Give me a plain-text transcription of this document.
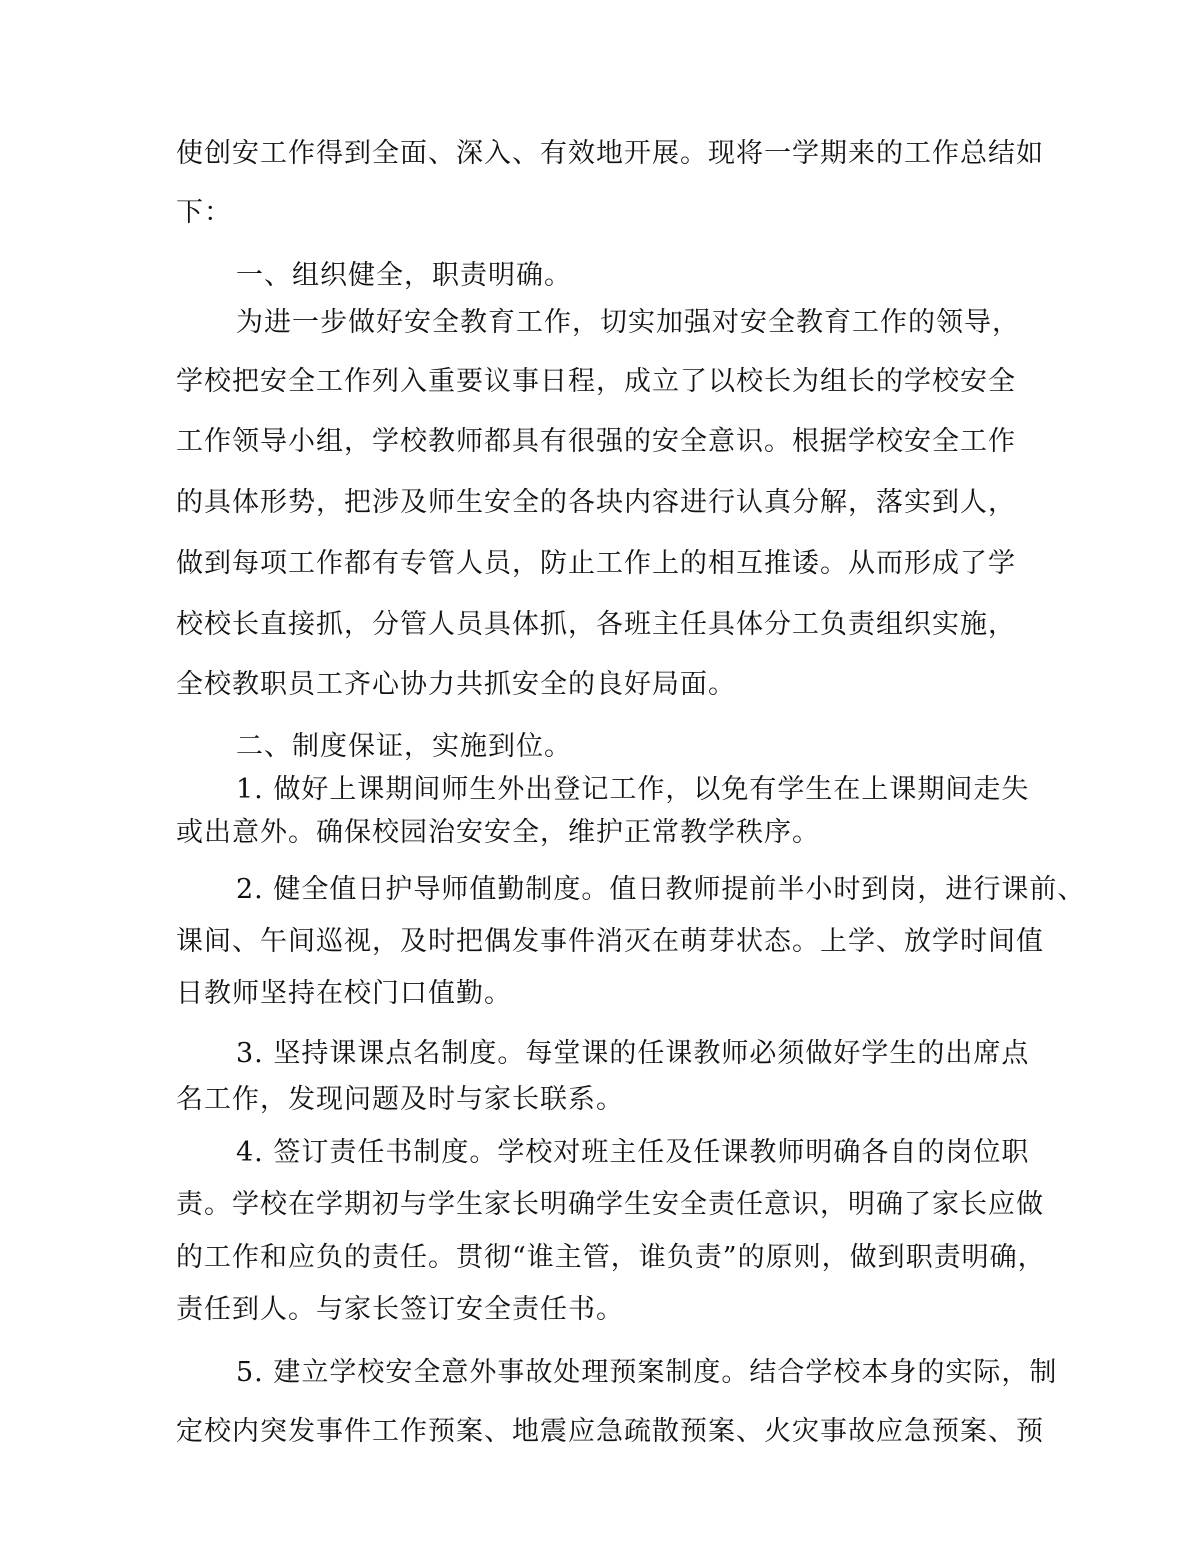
使创安工作得到全面、深入、有效地开展。现将一学期来的工作总结如
下：
一、组织健全，职责明确。
为进一步做好安全教育工作，切实加强对安全教育工作的领导，
学校把安全工作列入重要议事日程，成立了以校长为组长的学校安全
工作领导小组，学校教师都具有很强的安全意识。根据学校安全工作
的具体形势，把涉及师生安全的各块内容进行认真分解，落实到人，
做到每项工作都有专管人员，防止工作上的相互推诿。从而形成了学
校校长直接抓，分管人员具体抓，各班主任具体分工负责组织实施，
全校教职员工齐心协力共抓安全的良好局面。
二、制度保证，实施到位。
1. 做好上课期间师生外出登记工作，以免有学生在上课期间走失
或出意外。确保校园治安安全，维护正常教学秩序。
2. 健全值日护导师值勤制度。值日教师提前半小时到岗，进行课前、
课间、午间巡视，及时把偶发事件消灭在萌芽状态。上学、放学时间值
日教师坚持在校门口值勤。
3. 坚持课课点名制度。每堂课的任课教师必须做好学生的出席点
名工作，发现问题及时与家长联系。
4. 签订责任书制度。学校对班主任及任课教师明确各自的岗位职
责。学校在学期初与学生家长明确学生安全责任意识，明确了家长应做
的工作和应负的责任。贯彻“谁主管，谁负责”的原则，做到职责明确，
责任到人。与家长签订安全责任书。
5. 建立学校安全意外事故处理预案制度。结合学校本身的实际，制
定校内突发事件工作预案、地震应急疏散预案、火灾事故应急预案、预
